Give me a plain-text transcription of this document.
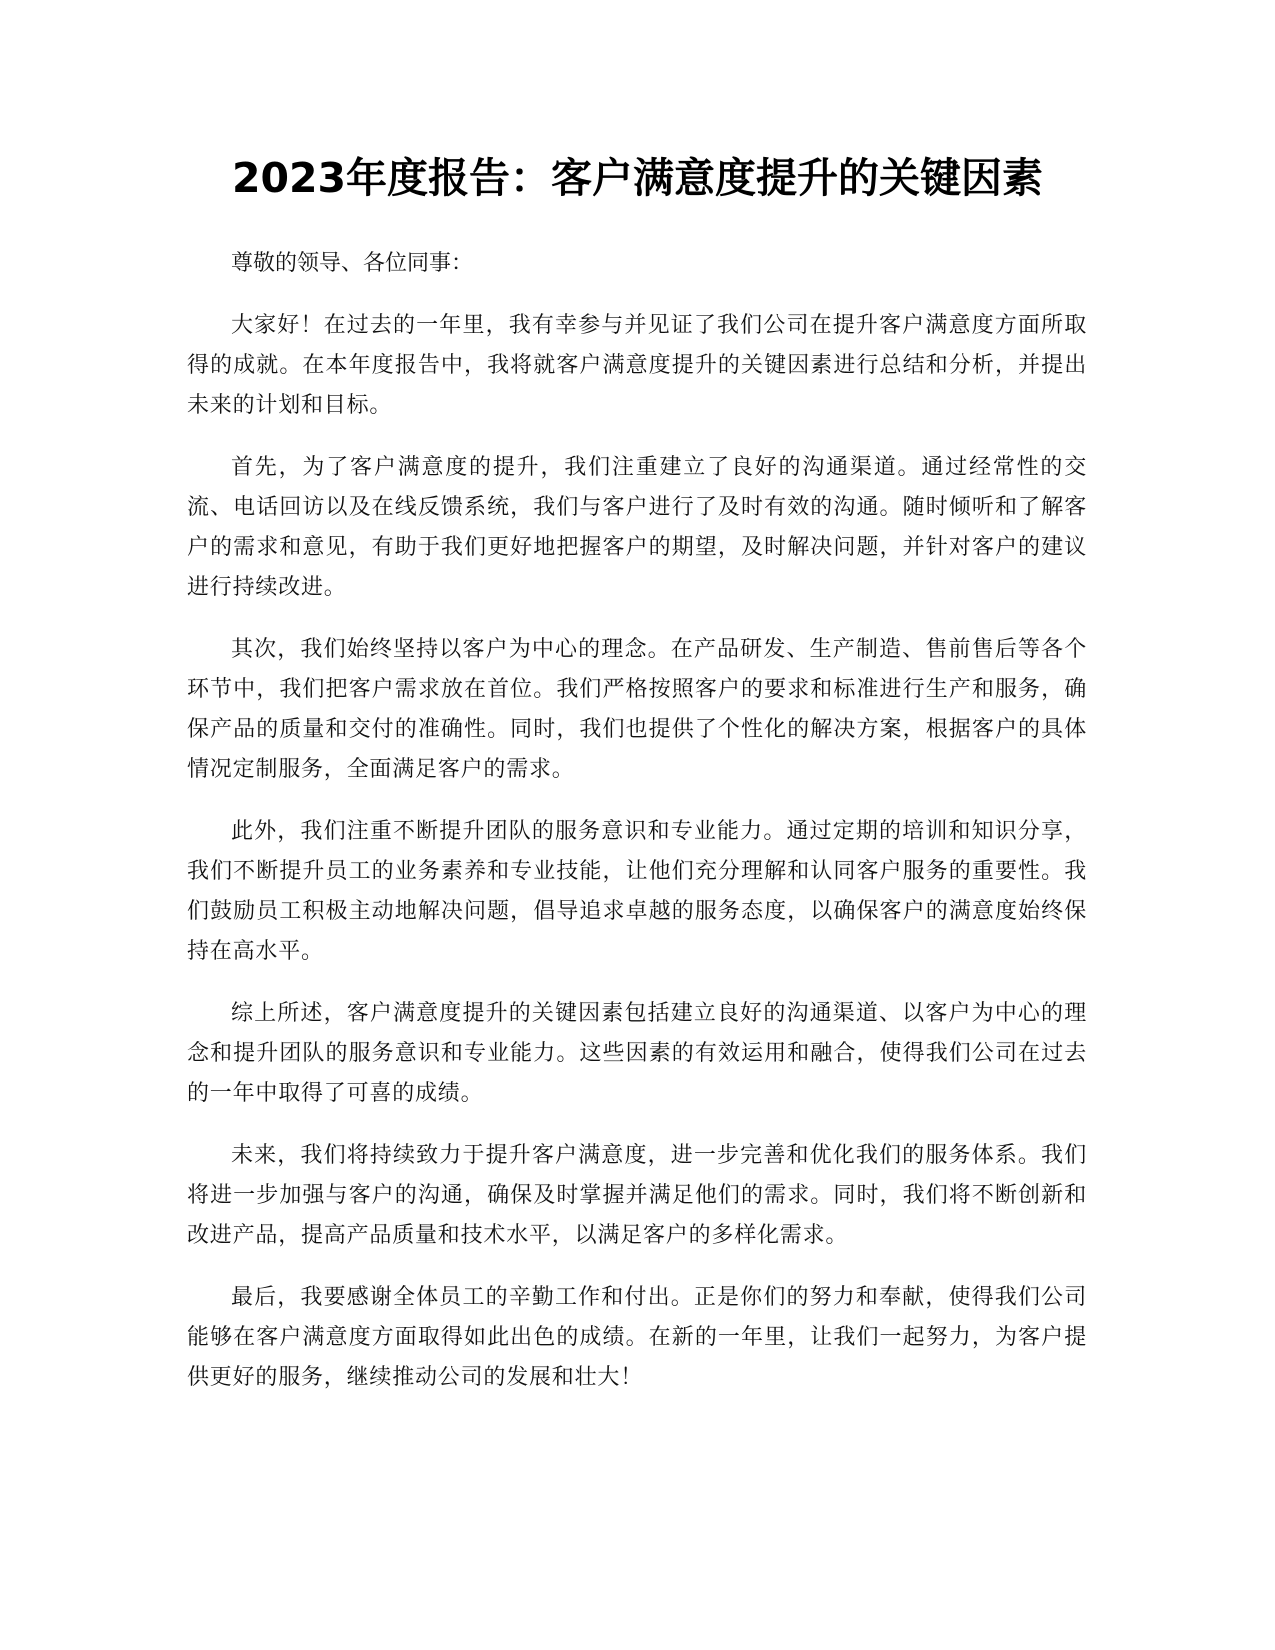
2023年度报告：客户满意度提升的关键因素

尊敬的领导、各位同事：

大家好！在过去的一年里，我有幸参与并见证了我们公司在提升客户满意度方面所取得的成就。在本年度报告中，我将就客户满意度提升的关键因素进行总结和分析，并提出未来的计划和目标。

首先，为了客户满意度的提升，我们注重建立了良好的沟通渠道。通过经常性的交流、电话回访以及在线反馈系统，我们与客户进行了及时有效的沟通。随时倾听和了解客户的需求和意见，有助于我们更好地把握客户的期望，及时解决问题，并针对客户的建议进行持续改进。

其次，我们始终坚持以客户为中心的理念。在产品研发、生产制造、售前售后等各个环节中，我们把客户需求放在首位。我们严格按照客户的要求和标准进行生产和服务，确保产品的质量和交付的准确性。同时，我们也提供了个性化的解决方案，根据客户的具体情况定制服务，全面满足客户的需求。

此外，我们注重不断提升团队的服务意识和专业能力。通过定期的培训和知识分享，我们不断提升员工的业务素养和专业技能，让他们充分理解和认同客户服务的重要性。我们鼓励员工积极主动地解决问题，倡导追求卓越的服务态度，以确保客户的满意度始终保持在高水平。

综上所述，客户满意度提升的关键因素包括建立良好的沟通渠道、以客户为中心的理念和提升团队的服务意识和专业能力。这些因素的有效运用和融合，使得我们公司在过去的一年中取得了可喜的成绩。

未来，我们将持续致力于提升客户满意度，进一步完善和优化我们的服务体系。我们将进一步加强与客户的沟通，确保及时掌握并满足他们的需求。同时，我们将不断创新和改进产品，提高产品质量和技术水平，以满足客户的多样化需求。

最后，我要感谢全体员工的辛勤工作和付出。正是你们的努力和奉献，使得我们公司能够在客户满意度方面取得如此出色的成绩。在新的一年里，让我们一起努力，为客户提供更好的服务，继续推动公司的发展和壮大！
